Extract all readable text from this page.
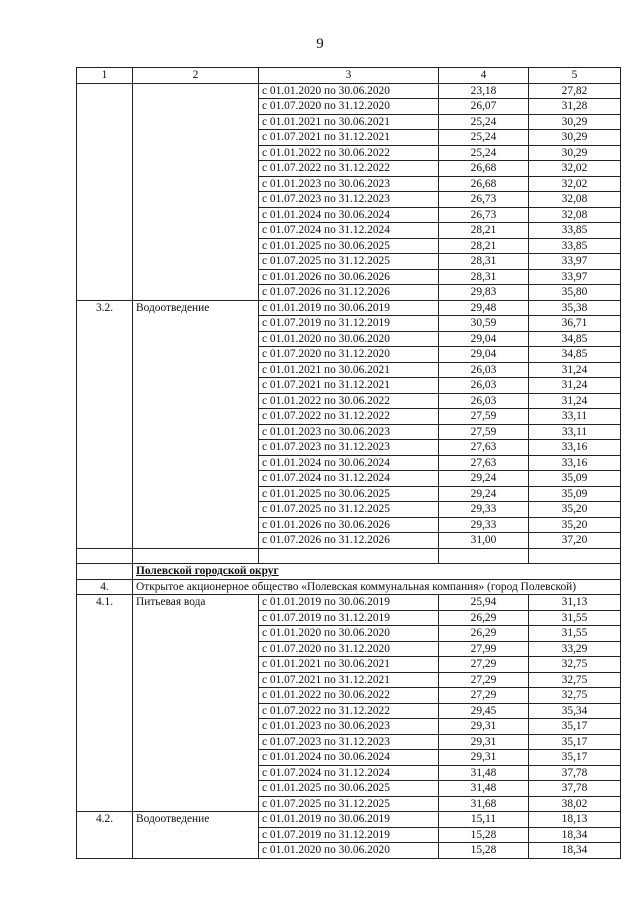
9
1	2	3	4	5
		с 01.01.2020 по 30.06.2020	23,18	27,82
		с 01.07.2020 по 31.12.2020	26,07	31,28
		с 01.01.2021 по 30.06.2021	25,24	30,29
		с 01.07.2021 по 31.12.2021	25,24	30,29
		с 01.01.2022 по 30.06.2022	25,24	30,29
		с 01.07.2022 по 31.12.2022	26,68	32,02
		с 01.01.2023 по 30.06.2023	26,68	32,02
		с 01.07.2023 по 31.12.2023	26,73	32,08
		с 01.01.2024 по 30.06.2024	26,73	32,08
		с 01.07.2024 по 31.12.2024	28,21	33,85
		с 01.01.2025 по 30.06.2025	28,21	33,85
		с 01.07.2025 по 31.12.2025	28,31	33,97
		с 01.01.2026 по 30.06.2026	28,31	33,97
		с 01.07.2026 по 31.12.2026	29,83	35,80
3.2.	Водоотведение	с 01.01.2019 по 30.06.2019	29,48	35,38
		с 01.07.2019 по 31.12.2019	30,59	36,71
		с 01.01.2020 по 30.06.2020	29,04	34,85
		с 01.07.2020 по 31.12.2020	29,04	34,85
		с 01.01.2021 по 30.06.2021	26,03	31,24
		с 01.07.2021 по 31.12.2021	26,03	31,24
		с 01.01.2022 по 30.06.2022	26,03	31,24
		с 01.07.2022 по 31.12.2022	27,59	33,11
		с 01.01.2023 по 30.06.2023	27,59	33,11
		с 01.07.2023 по 31.12.2023	27,63	33,16
		с 01.01.2024 по 30.06.2024	27,63	33,16
		с 01.07.2024 по 31.12.2024	29,24	35,09
		с 01.01.2025 по 30.06.2025	29,24	35,09
		с 01.07.2025 по 31.12.2025	29,33	35,20
		с 01.01.2026 по 30.06.2026	29,33	35,20
		с 01.07.2026 по 31.12.2026	31,00	37,20

	Полевской городской округ			
4.	Открытое акционерное общество «Полевская коммунальная компания» (город Полевской)			
4.1.	Питьевая вода	с 01.01.2019 по 30.06.2019	25,94	31,13
		с 01.07.2019 по 31.12.2019	26,29	31,55
		с 01.01.2020 по 30.06.2020	26,29	31,55
		с 01.07.2020 по 31.12.2020	27,99	33,29
		с 01.01.2021 по 30.06.2021	27,29	32,75
		с 01.07.2021 по 31.12.2021	27,29	32,75
		с 01.01.2022 по 30.06.2022	27,29	32,75
		с 01.07.2022 по 31.12.2022	29,45	35,34
		с 01.01.2023 по 30.06.2023	29,31	35,17
		с 01.07.2023 по 31.12.2023	29,31	35,17
		с 01.01.2024 по 30.06.2024	29,31	35,17
		с 01.07.2024 по 31.12.2024	31,48	37,78
		с 01.01.2025 по 30.06.2025	31,48	37,78
		с 01.07.2025 по 31.12.2025	31,68	38,02
4.2.	Водоотведение	с 01.01.2019 по 30.06.2019	15,11	18,13
		с 01.07.2019 по 31.12.2019	15,28	18,34
		с 01.01.2020 по 30.06.2020	15,28	18,34
